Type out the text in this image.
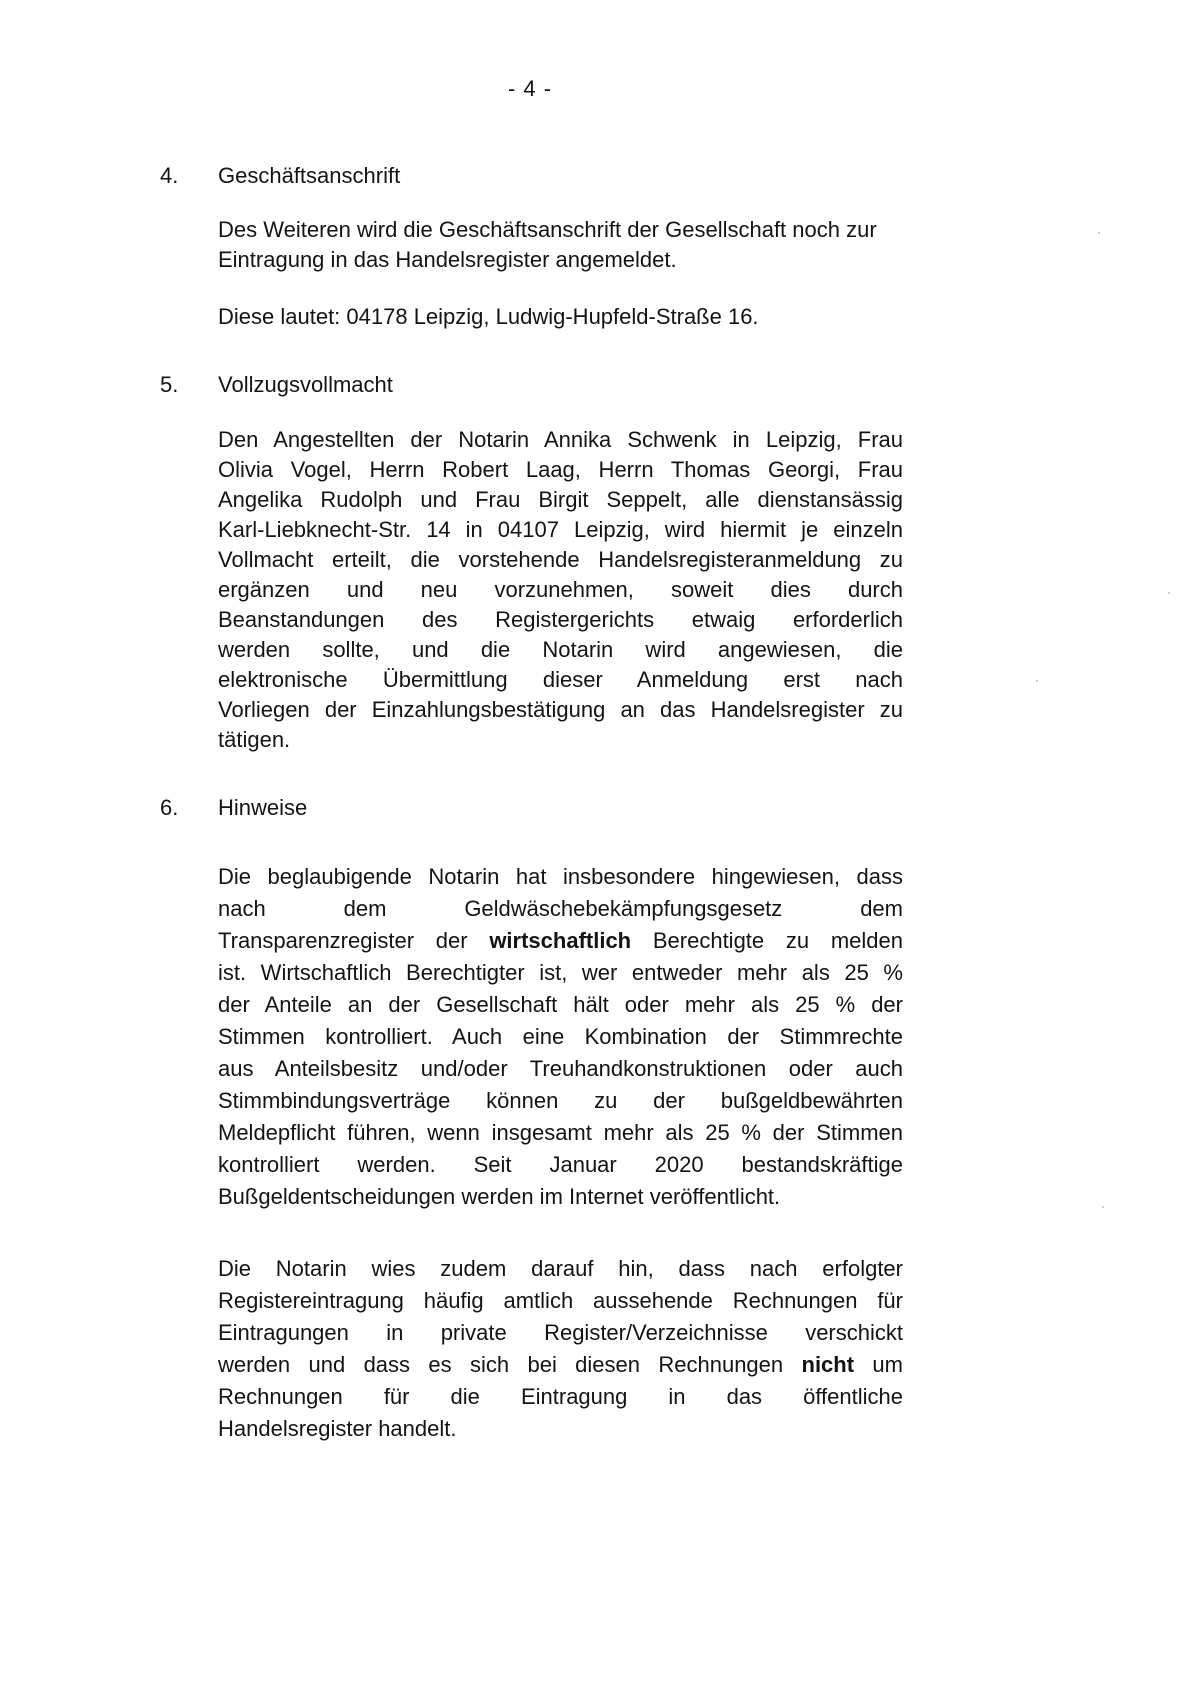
- 4 -
4. Geschäftsanschrift

Des Weiteren wird die Geschäftsanschrift der Gesellschaft noch zur Eintragung in das Handelsregister angemeldet.

Diese lautet: 04178 Leipzig, Ludwig-Hupfeld-Straße 16.

5. Vollzugsvollmacht
Den Angestellten der Notarin Annika Schwenk in Leipzig, Frau
Olivia Vogel, Herrn Robert Laag, Herrn Thomas Georgi, Frau
Angelika Rudolph und Frau Birgit Seppelt, alle dienstansässig
Karl-Liebknecht-Str. 14 in 04107 Leipzig, wird hiermit je einzeln
Vollmacht erteilt, die vorstehende Handelsregisteranmeldung zu
ergänzen und neu vorzunehmen, soweit dies durch
Beanstandungen des Registergerichts etwaig erforderlich
werden sollte, und die Notarin wird angewiesen, die
elektronische Übermittlung dieser Anmeldung erst nach
Vorliegen der Einzahlungsbestätigung an das Handelsregister zu
tätigen.
6. Hinweise
Die beglaubigende Notarin hat insbesondere hingewiesen, dass
nach dem Geldwäschebekämpfungsgesetz dem
Transparenzregister der wirtschaftlich Berechtigte zu melden
ist. Wirtschaftlich Berechtigter ist, wer entweder mehr als 25 %
der Anteile an der Gesellschaft hält oder mehr als 25 % der
Stimmen kontrolliert. Auch eine Kombination der Stimmrechte
aus Anteilsbesitz und/oder Treuhandkonstruktionen oder auch
Stimmbindungsverträge können zu der bußgeldbewährten
Meldepflicht führen, wenn insgesamt mehr als 25 % der Stimmen
kontrolliert werden. Seit Januar 2020 bestandskräftige
Bußgeldentscheidungen werden im Internet veröffentlicht.
Die Notarin wies zudem darauf hin, dass nach erfolgter
Registereintragung häufig amtlich aussehende Rechnungen für
Eintragungen in private Register/Verzeichnisse verschickt
werden und dass es sich bei diesen Rechnungen nicht um
Rechnungen für die Eintragung in das öffentliche
Handelsregister handelt.
